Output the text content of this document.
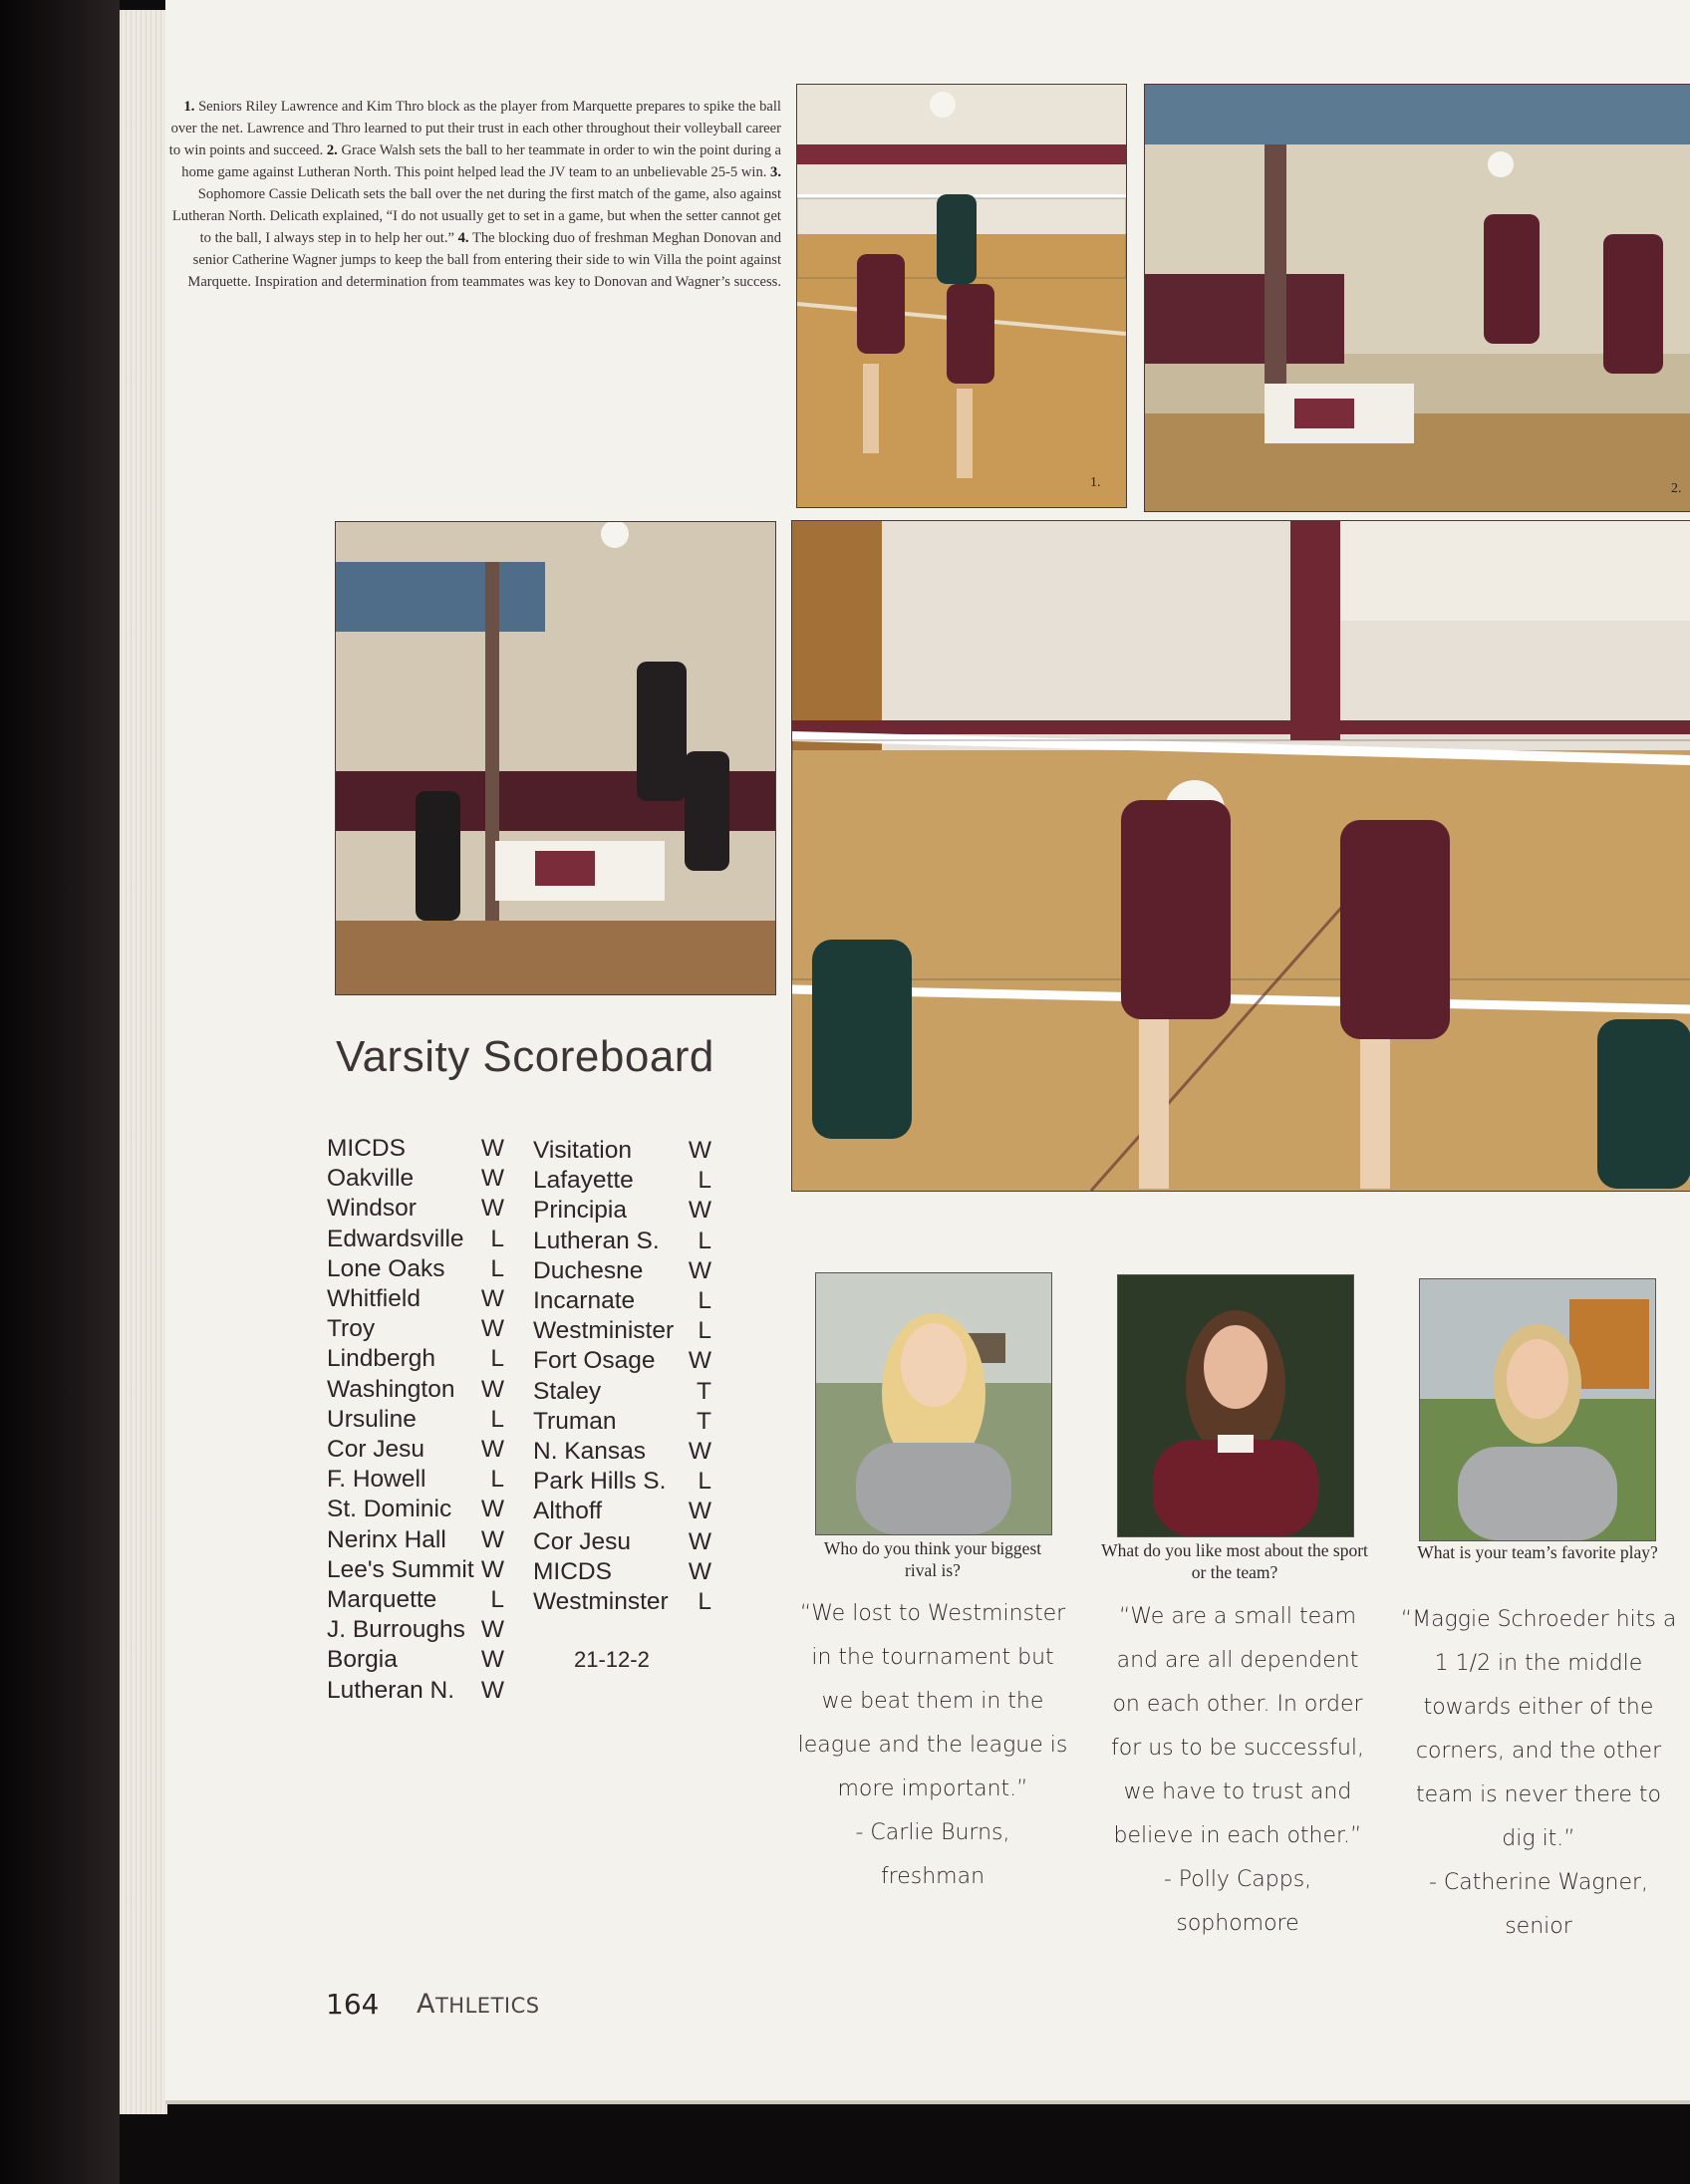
1. Seniors Riley Lawrence and Kim Thro block as the player from Marquette prepares to spike the ball over the net. Lawrence and Thro learned to put their trust in each other throughout their volleyball career to win points and succeed. 2. Grace Walsh sets the ball to her teammate in order to win the point during a home game against Lutheran North. This point helped lead the JV team to an unbelievable 25-5 win. 3. Sophomore Cassie Delicath sets the ball over the net during the first match of the game, also against Lutheran North. Delicath explained, “I do not usually get to set in a game, but when the setter cannot get to the ball, I always step in to help her out.” 4. The blocking duo of freshman Meghan Donovan and senior Catherine Wagner jumps to keep the ball from entering their side to win Villa the point against Marquette. Inspiration and determination from teammates was key to Donovan and Wagner’s success.
1.	2.
Varsity Scoreboard
MICDS	W
Oakville	W
Windsor	W
Edwardsville L
Lone Oaks L
Whitfield W
Troy	W
Lindbergh L
Washington W
Ursuline	L
Cor Jesu W
F. Howell	L
St. Dominic W
Nerinx Hall W
Lee's Summit W
Marquette L
J. Burroughs W
Borgia	W
Lutheran N. W
Visitation W
Lafayette	L
Principia	W
Lutheran S. L
Duchesne W
Incarnate	L
Westminister L
Fort Osage W
Staley	T
Truman	T
N. Kansas W
Park Hills S. L
Althoff	W
Cor Jesu W
MICDS	W
Westminster L
21-12-2
Who do you think your biggest rival is?
“We lost to Westminster in the tournament but we beat them in the league and the league is more important.”
- Carlie Burns,
freshman
What do you like most about the sport or the team?
“We are a small team and are all dependent on each other. In order for us to be successful, we have to trust and believe in each other.”
- Polly Capps,
sophomore
What is your team’s favorite play?
“Maggie Schroeder hits a 1 1/2 in the middle towards either of the corners, and the other team is never there to dig it.”
- Catherine Wagner,
senior
164 ATHLETICS
